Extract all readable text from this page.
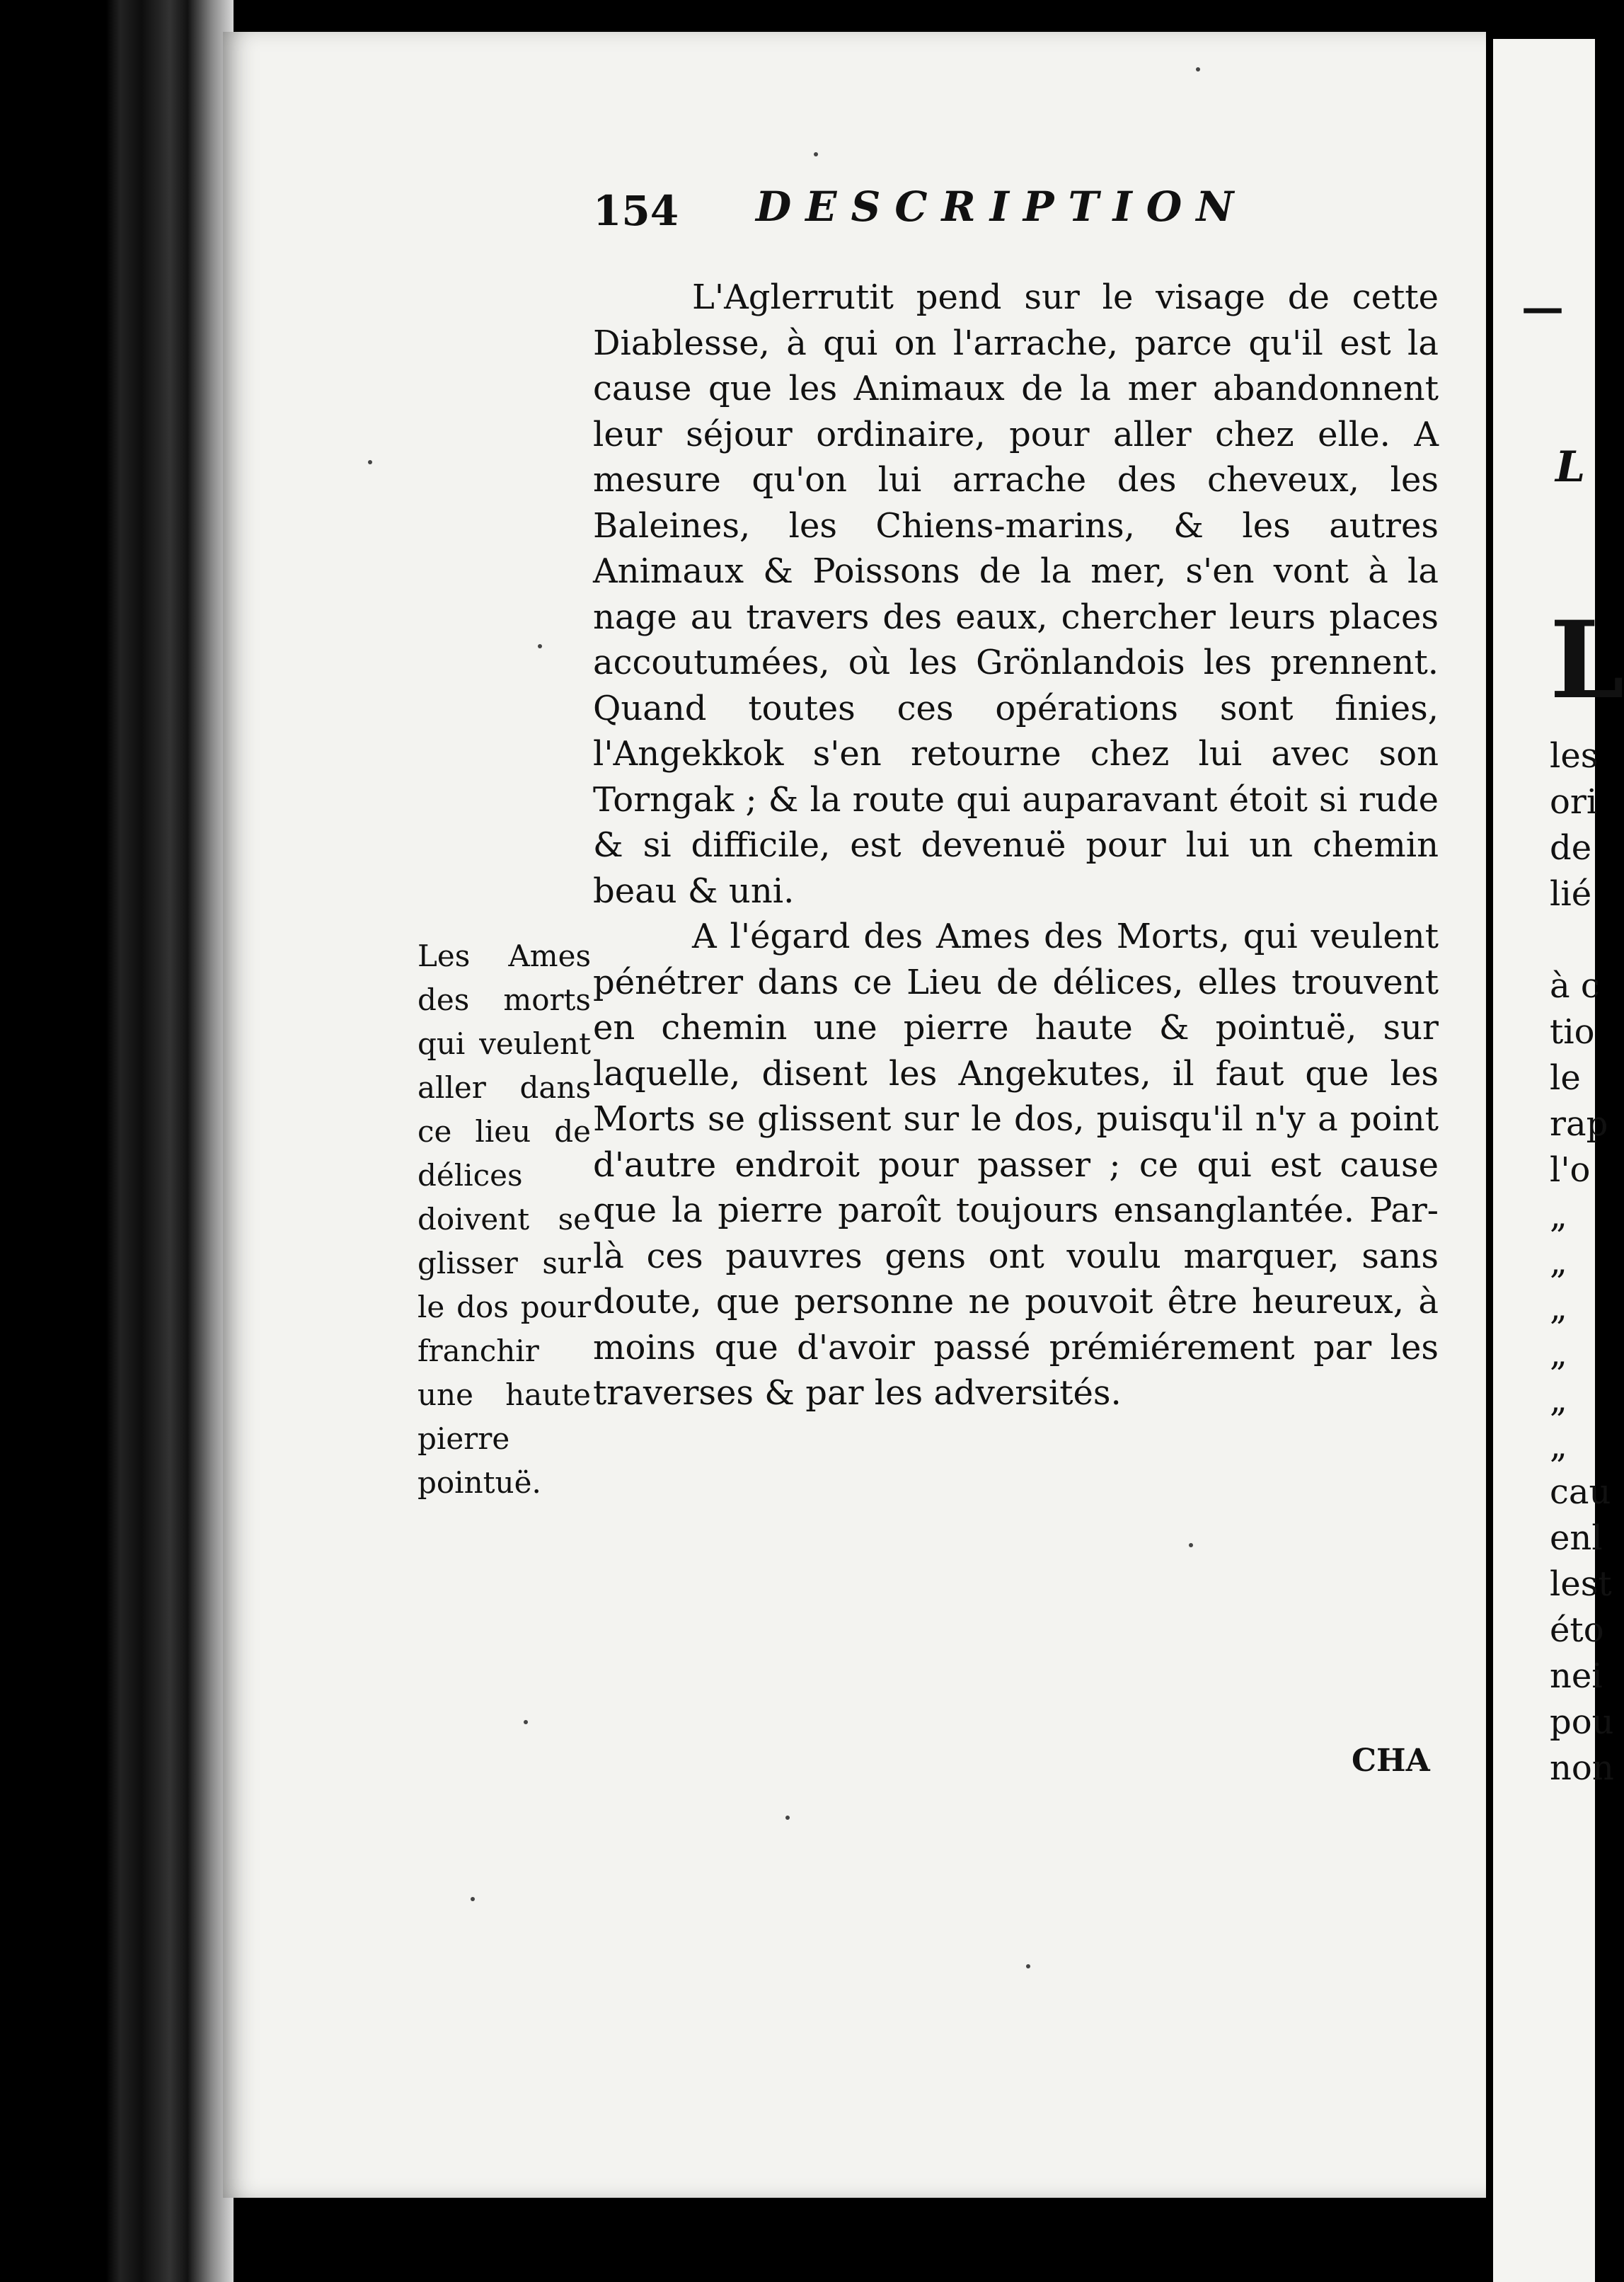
154 DESCRIPTION

L'Aglerrutit pend sur le visage de cette Diablesse, à qui on l'arrache, parce qu'il est la cause que les Animaux de la mer abandonnent leur séjour ordinaire, pour aller chez elle. A mesure qu'on lui arrache des cheveux, les Baleines, les Chiens-marins, & les autres Animaux & Poissons de la mer, s'en vont à la nage au travers des eaux, chercher leurs places accoutumées, où les Grönlandois les prennent. Quand toutes ces opérations sont finies, l'Angekkok s'en retourne chez lui avec son Torngak ; & la route qui auparavant étoit si rude & si difficile, est devenuë pour lui un chemin beau & uni.

A l'égard des Ames des Morts, qui veulent pénétrer dans ce Lieu de délices, elles trouvent en chemin une pierre haute & pointuë, sur laquelle, disent les Angekutes, il faut que les Morts se glissent sur le dos, puisqu'il n'y a point d'autre endroit pour passer ; ce qui est cause que la pierre paroît toujours ensanglantée. Par-là ces pauvres gens ont voulu marquer, sans doute, que personne ne pouvoit être heureux, à moins que d'avoir passé prémiérement par les traverses & par les adversités.

Les Ames des morts qui veulent aller dans ce lieu de délices doivent se glisser sur le dos pour franchir une haute pierre pointuë.
CHA
—
L
L
les
ori
de
lié
à c
tio
le
rap
l'o
„
„
„
„
„
„
cau
enl
lest
éto
nei
pou
non
